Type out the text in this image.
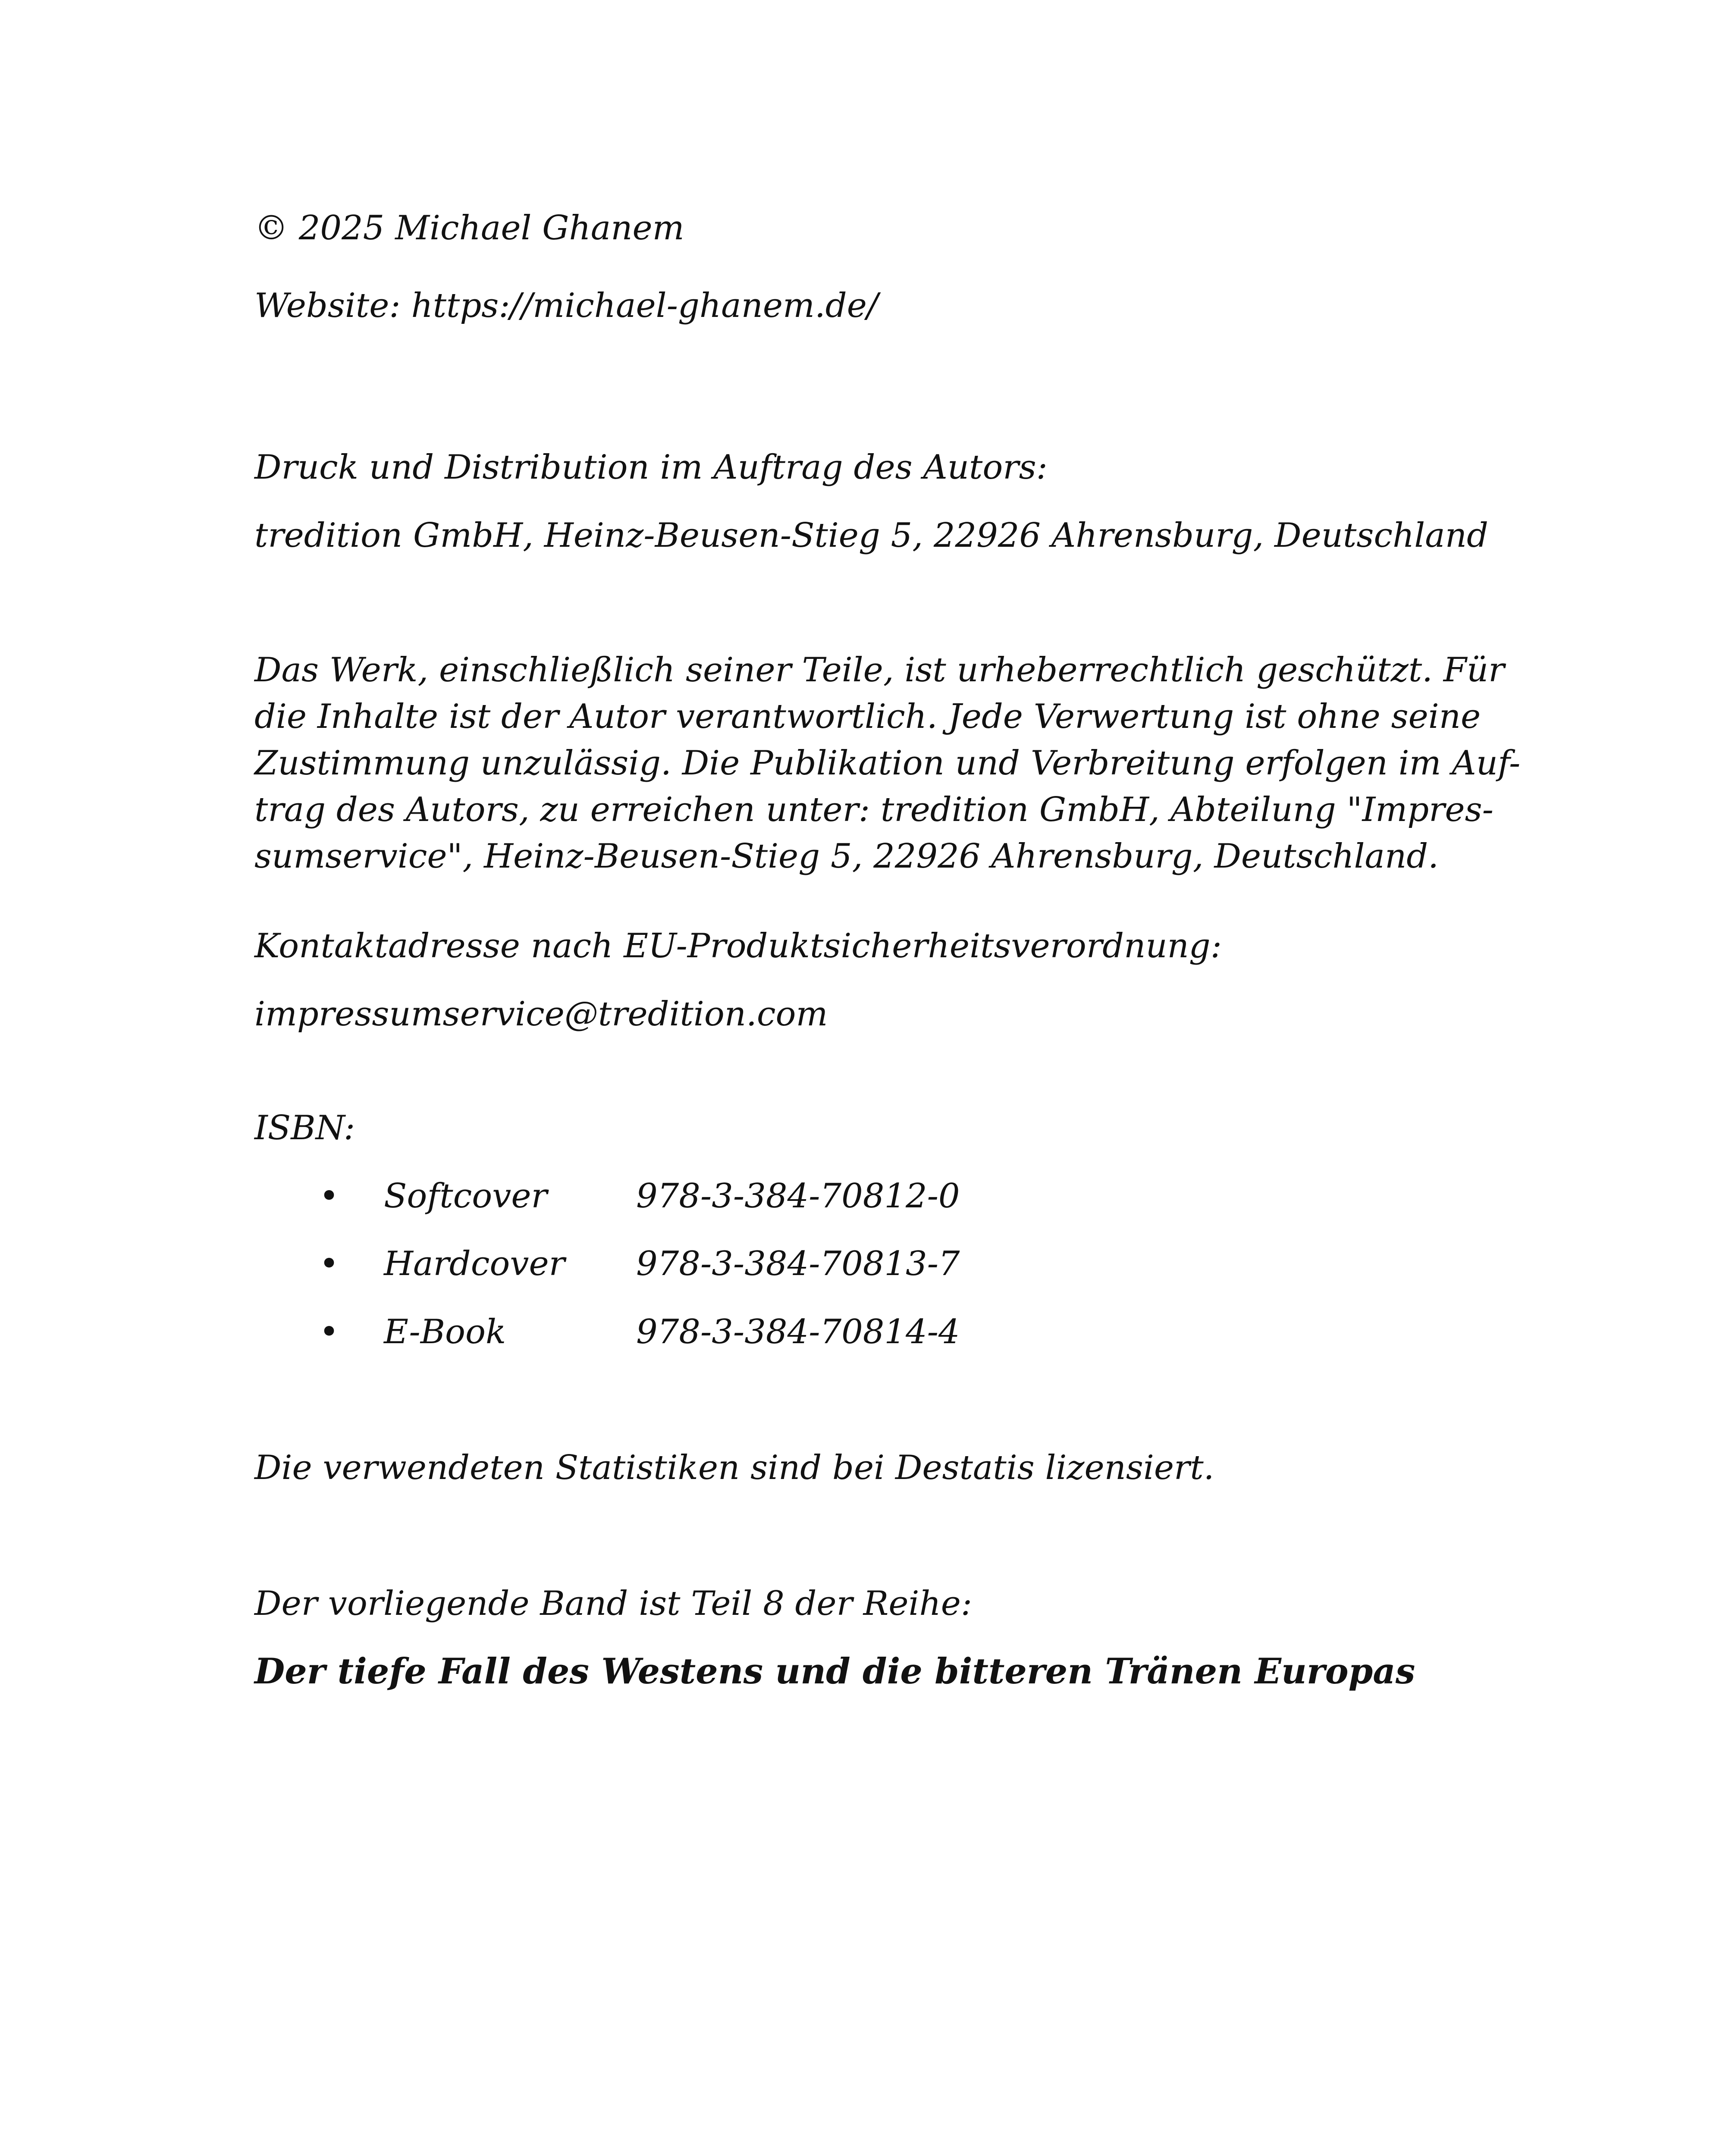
© 2025 Michael Ghanem
Website: https://michael-ghanem.de/
Druck und Distribution im Auftrag des Autors:
tredition GmbH, Heinz-Beusen-Stieg 5, 22926 Ahrensburg, Deutschland
Das Werk, einschließlich seiner Teile, ist urheberrechtlich geschützt. Für
die Inhalte ist der Autor verantwortlich. Jede Verwertung ist ohne seine
Zustimmung unzulässig. Die Publikation und Verbreitung erfolgen im Auf-
trag des Autors, zu erreichen unter: tredition GmbH, Abteilung "Impres-
sumservice", Heinz-Beusen-Stieg 5, 22926 Ahrensburg, Deutschland.
Kontaktadresse nach EU-Produktsicherheitsverordnung:
impressumservice@tredition.com
ISBN:
• Softcover	978-3-384-70812-0
• Hardcover 978-3-384-70813-7
• E-Book	978-3-384-70814-4
Die verwendeten Statistiken sind bei Destatis lizensiert.
Der vorliegende Band ist Teil 8 der Reihe:
Der tiefe Fall des Westens und die bitteren Tränen Europas
